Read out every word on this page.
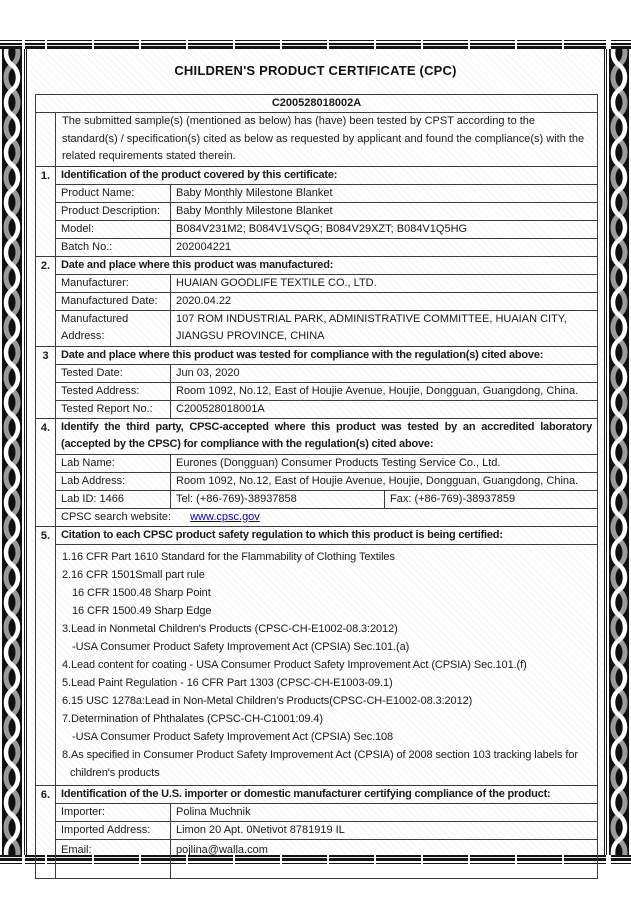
CHILDREN'S PRODUCT CERTIFICATE (CPC)
C200528018002A			
	The submitted sample(s) (mentioned as below) has (have) been tested by CPST according to the standard(s) / specification(s) cited as below as requested by applicant and found the compliance(s) with the related requirements stated therein.		
1.	Identification of the product covered by this certificate:		
	Product Name:	Baby Monthly Milestone Blanket	
	Product Description:	Baby Monthly Milestone Blanket	
	Model:	B084V231M2; B084V1VSQG; B084V29XZT; B084V1Q5HG	
	Batch No.:	202004221	
2.	Date and place where this product was manufactured:		
	Manufacturer:	HUAIAN GOODLIFE TEXTILE CO., LTD.	
	Manufactured Date:	2020.04.22	
	Manufactured Address:	107 ROM INDUSTRIAL PARK, ADMINISTRATIVE COMMITTEE, HUAIAN CITY, JIANGSU PROVINCE, CHINA	
3	Date and place where this product was tested for compliance with the regulation(s) cited above:		
	Tested Date:	Jun 03, 2020	
	Tested Address:	Room 1092, No.12, East of Houjie Avenue, Houjie, Dongguan, Guangdong, China.	
	Tested Report No.:	C200528018001A	
4.	Identify the third party, CPSC-accepted where this product was tested by an accredited laboratory (accepted by the CPSC) for compliance with the regulation(s) cited above:		
	Lab Name:	Eurones (Dongguan) Consumer Products Testing Service Co., Ltd.	
	Lab Address:	Room 1092, No.12, East of Houjie Avenue, Houjie, Dongguan, Guangdong, China.	
	Lab ID: 1466	Tel: (+86-769)-38937858	Fax: (+86-769)-38937859
	CPSC search website: www.cpsc.gov		
5.	Citation to each CPSC product safety regulation to which this product is being certified:		

1.16 CFR Part 1610 Standard for the Flammability of Clothing Textiles
2.16 CFR 1501Small part rule
16 CFR 1500.48 Sharp Point
16 CFR 1500.49 Sharp Edge
3.Lead in Nonmetal Children's Products (CPSC-CH-E1002-08.3:2012)
-USA Consumer Product Safety Improvement Act (CPSIA) Sec.101.(a)
4.Lead content for coating - USA Consumer Product Safety Improvement Act (CPSIA) Sec.101.(f)
5.Lead Paint Regulation - 16 CFR Part 1303 (CPSC-CH-E1003-09.1)
6.15 USC 1278a:Lead in Non-Metal Children's Products(CPSC-CH-E1002-08.3:2012)
7.Determination of Phthalates (CPSC-CH-C1001:09.4)
-USA Consumer Product Safety Improvement Act (CPSIA) Sec.108
8.As specified in Consumer Product Safety Improvement Act (CPSIA) of 2008 section 103 tracking labels for children's products

6.	Identification of the U.S. importer or domestic manufacturer certifying compliance of the product:		
	Importer:	Polina Muchnik	
	Imported Address:	Limon 20 Apt. 0Netivot 8781919 IL	
	Email:	pojlina@walla.com	
